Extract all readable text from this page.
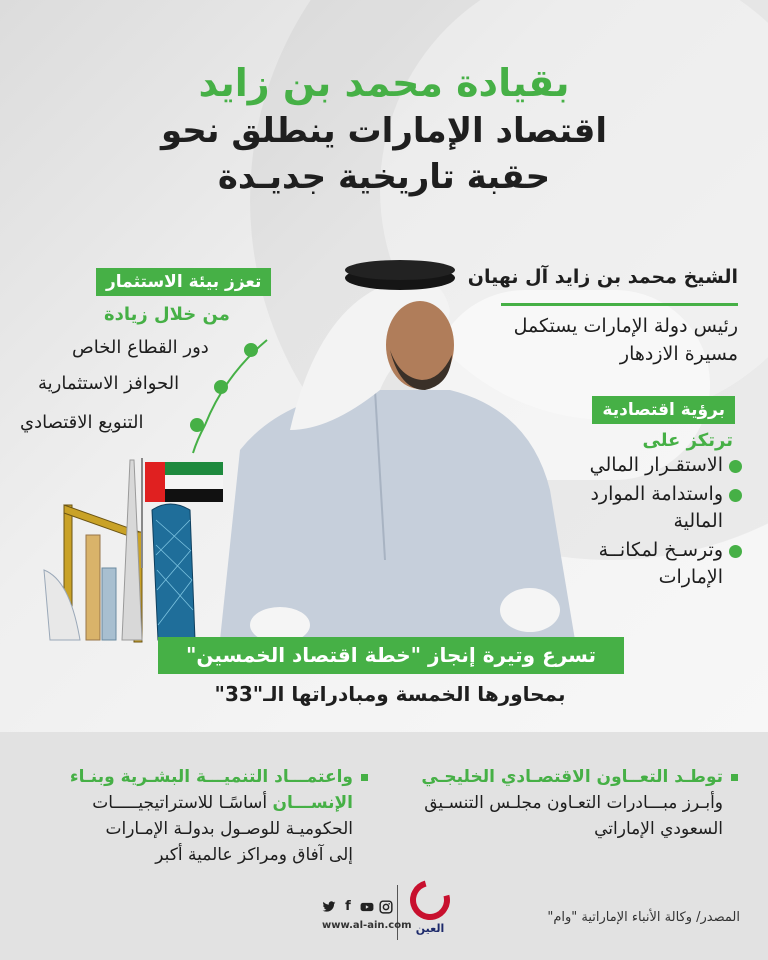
بقيادة محمد بن زايد
اقتصاد الإمارات ينطلق نحو
حقبة تاريخية جديـدة
تعزز بيئة الاستثمار
من خلال زيادة
دور القطاع الخاص
الحوافز الاستثمارية
التنويع الاقتصادي
الشيخ محمد بن زايد آل نهيان
رئيس دولة الإمارات يستكمل
مسيرة الازدهار
برؤية اقتصادية
ترتكز على
الاستقـرار المالي
واستدامة الموارد المالية
وترسـخ لمكانــة الإمارات
تسرع وتيرة إنجاز "خطة اقتصاد الخمسين"
بمحاورها الخمسة ومبادراتها الـ"33"
توطـد التعــاون الاقتصـادي الخليجـي
وأبـرز مبـــادرات التعـاون مجلـس التنسـيق
السعودي الإماراتي
واعتمـــاد التنميـــة البشـرية وبنـاء
الإنســـان أساسًـا للاستراتيجيـــــات
الحكوميـة للوصـول بدولـة الإمـارات
إلى آفاق ومراكز عالمية أكبر
المصدر/ وكالة الأنباء الإماراتية "وام"
العين
f
www.al-ain.com
